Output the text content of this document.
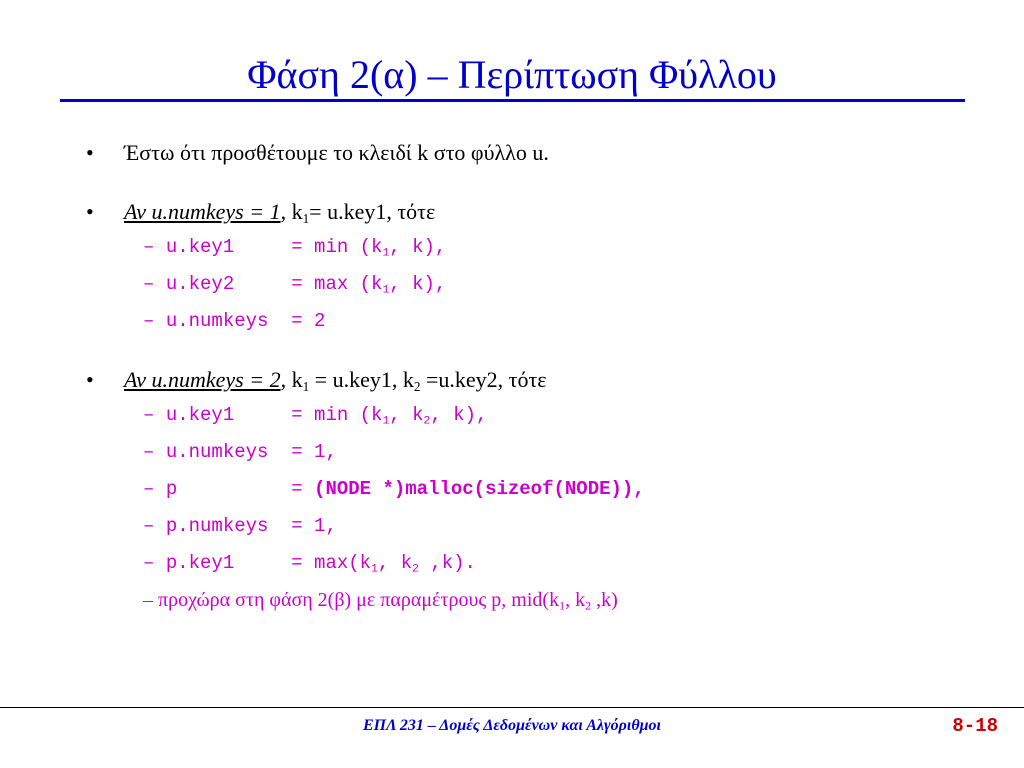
Φάση 2(α) – Περίπτωση Φύλλου
• Έστω ότι προσθέτουμε το κλειδί k στο φύλλο u.
• Αν u.numkeys = 1, $k_1= u.key1$, τότε
– u.key1     = $\min (k_1$, k),
– u.key2     = $\max (k_1$, k),
– u.numkeys  = 2
• Αν u.numkeys = 2, $k_1 = u.key1$, $k_2 =u.key2$, τότε
– u.key1     = $\min (k_1$, $k_2$, k),
– u.numkeys  = 1,
– p          = (NODE *)malloc(sizeof(NODE)),
– p.numkeys  = 1,
– p.key1     = $\max(k_1$, $k_2$ ,k).
– προχώρα στη φάση 2(β) με παραμέτρους p, $mid(k_1$, $k_2$ ,k)
ΕΠΛ 231 – Δομές Δεδομένων και Αλγόριθμοι	8-18
